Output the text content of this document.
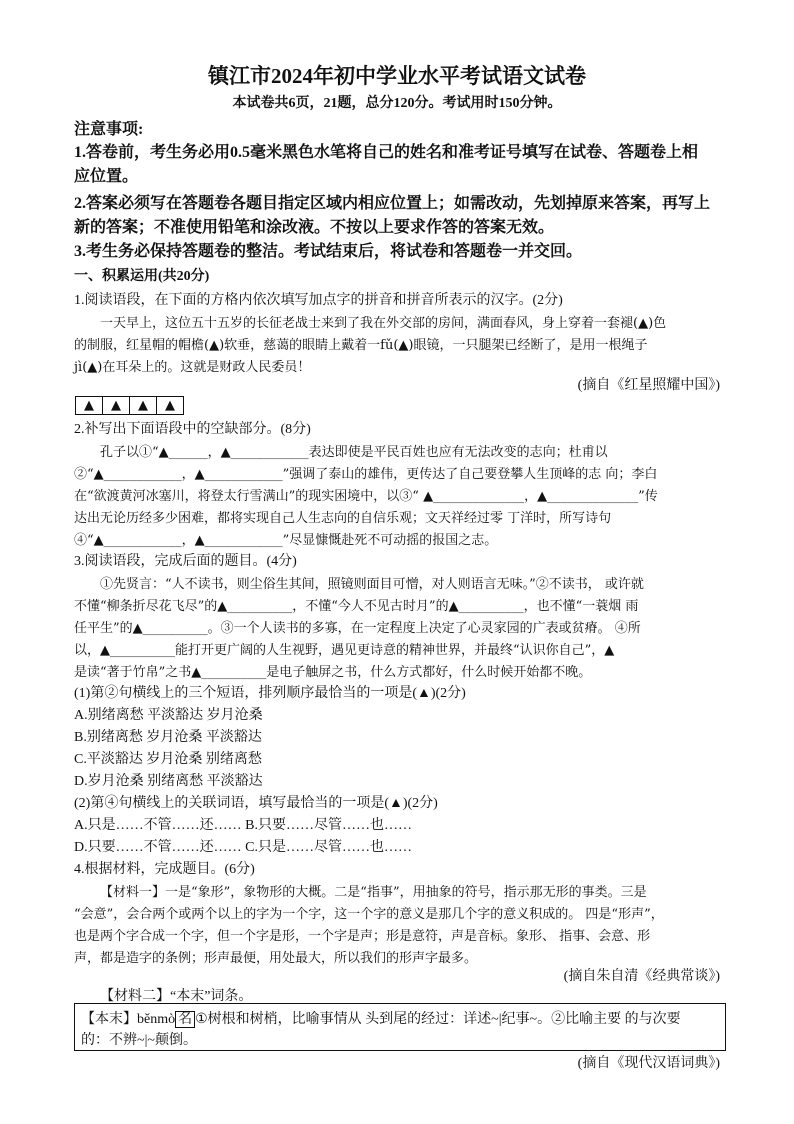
镇江市2024年初中学业水平考试语文试卷
本试卷共6页，21题，总分120分。考试用时150分钟。
注意事项:
1.答卷前，考生务必用0.5毫米黑色水笔将自己的姓名和准考证号填写在试卷、答题卷上相
应位置。
2.答案必须写在答题卷各题目指定区域内相应位置上；如需改动，先划掉原来答案，再写上
新的答案；不准使用铅笔和涂改液。不按以上要求作答的答案无效。
3.考生务必保持答题卷的整洁。考试结束后，将试卷和答题卷一并交回。
一、积累运用(共20分)
1.阅读语段，在下面的方格内依次填写加点字的拼音和拼音所表示的汉字。(2分)
一天早上，这位五十五岁的长征老战士来到了我在外交部的房间，满面春风，身上穿着一套褪(▲)色
的制服，红星帽的帽檐(▲)软垂，慈蔼的眼睛上戴着一fǔ(▲)眼镜，一只腿架已经断了，是用一根绳子
jì(▲)在耳朵上的。这就是财政人民委员！
(摘自《红星照耀中国》)
▲	▲	▲	▲
2.补写出下面语段中的空缺部分。(8分)
孔子以①“▲______，▲____________表达即使是平民百姓也应有无法改变的志向；杜甫以
②“▲____________，▲____________”强调了泰山的雄伟，更传达了自己要登攀人生顶峰的志 向；李白
在“欲渡黄河冰塞川，将登太行雪满山”的现实困境中，以③“ ▲______________，▲______________”传
达出无论历经多少困难，都将实现自己人生志向的自信乐观；文天祥经过零 丁洋时，所写诗句
④“▲____________，▲____________”尽显慷慨赴死不可动摇的报国之志。
3.阅读语段，完成后面的题目。(4分)
①先贤言：“人不读书，则尘俗生其间，照镜则面目可憎，对人则语言无味。”②不读书， 或许就
不懂“柳条折尽花飞尽”的▲__________，不懂“今人不见古时月”的▲__________，也不懂“一蓑烟 雨
任平生”的▲__________。③一个人读书的多寡，在一定程度上决定了心灵家园的广表或贫瘠。 ④所
以，▲__________能打开更广阔的人生视野，遇见更诗意的精神世界，并最终“认识你自己”，▲
是读“著于竹帛”之书▲__________是电子触屏之书，什么方式都好，什么时候开始都不晚。
(1)第②句横线上的三个短语，排列顺序最恰当的一项是(▲)(2分)
A.别绪离愁 平淡豁达 岁月沧桑
B.别绪离愁 岁月沧桑 平淡豁达
C.平淡豁达 岁月沧桑 别绪离愁
D.岁月沧桑 别绪离愁 平淡豁达
(2)第④句横线上的关联词语，填写最恰当的一项是(▲)(2分)
A.只是……不管……还…… B.只要……尽管……也……
D.只要……不管……还…… C.只是……尽管……也……
4.根据材料，完成题目。(6分)
【材料一】一是“象形”，象物形的大概。二是“指事”，用抽象的符号，指示那无形的事类。三是
“会意”，会合两个或两个以上的字为一个字，这一个字的意义是那几个字的意义积成的。 四是“形声”，
也是两个字合成一个字，但一个字是形，一个字是声；形是意符，声是音标。象形、 指事、会意、形
声，都是造字的条例；形声最便，用处最大，所以我们的形声字最多。
(摘自朱自清《经典常谈》)
【材料二】“本末”词条。
【本末】běnmò 名 ①树根和树梢，比喻事情从 头到尾的经过：详述~|纪事~。②比喻主要 的与次要
的：不辨~|~颠倒。
(摘自《现代汉语词典》)
